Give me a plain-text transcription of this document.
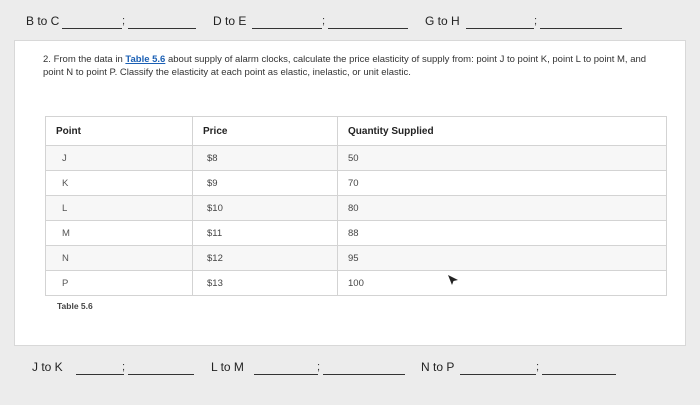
B to C	;	D to E	;	G to H	;
2. From the data in Table 5.6 about supply of alarm clocks, calculate the price elasticity of supply from: point J to point K, point L to point M, and point N to point P. Classify the elasticity at each point as elastic, inelastic, or unit elastic.
Point	Price	Quantity Supplied
J	$8	50
K	$9	70
L	$10	80
M	$11	88
N	$12	95
P	$13	100
Table 5.6
J to K	;	L to M	;	N to P	;
